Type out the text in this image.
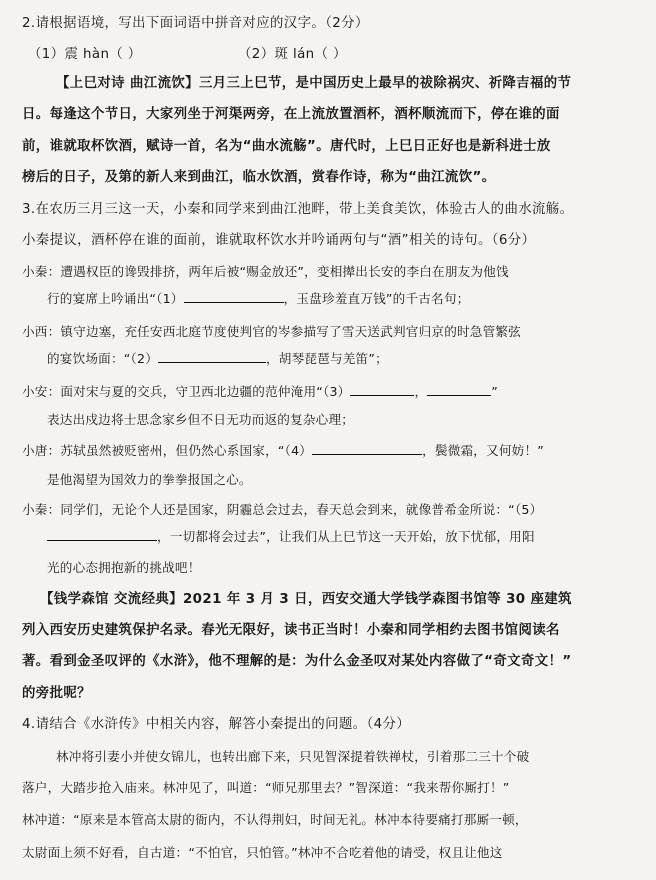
2.请根据语境，写出下面词语中拼音对应的汉字。（2分）
（1）震 hàn（ ）	（2）斑 lán（ ）
【上巳对诗 曲江流饮】三月三上巳节，是中国历史上最早的祓除祸灾、祈降吉福的节
日。每逢这个节日，大家列坐于河渠两旁，在上流放置酒杯，酒杯顺流而下，停在谁的面
前，谁就取杯饮酒，赋诗一首，名为“曲水流觞”。唐代时，上巳日正好也是新科进士放
榜后的日子，及第的新人来到曲江，临水饮酒，赏春作诗，称为“曲江流饮”。
3.在农历三月三这一天，小秦和同学来到曲江池畔，带上美食美饮，体验古人的曲水流觞。
小秦提议，酒杯停在谁的面前，谁就取杯饮水并吟诵两句与“酒”相关的诗句。（6分）
小秦：遭遇权臣的谗毁排挤，两年后被“赐金放还”，变相撵出长安的李白在朋友为他饯
行的宴席上吟诵出“（1）	，玉盘珍羞直万钱”的千古名句；
小西：镇守边塞，充任安西北庭节度使判官的岑参描写了雪天送武判官归京的时急管繁弦
的宴饮场面：“（2）	，胡琴琵琶与羌笛”；
小安：面对宋与夏的交兵，守卫西北边疆的范仲淹用“（3）	，	”
表达出戍边将士思念家乡但不日无功而返的复杂心理；
小唐：苏轼虽然被贬密州，但仍然心系国家，“（4）	，鬓微霜，又何妨！”
是他渴望为国效力的拳拳报国之心。
小秦：同学们，无论个人还是国家，阴霾总会过去，春天总会到来，就像普希金所说：“（5）
，一切都将会过去”，让我们从上巳节这一天开始，放下忧郁，用阳
光的心态拥抱新的挑战吧！
【钱学森馆 交流经典】2021 年 3 月 3 日，西安交通大学钱学森图书馆等 30 座建筑
列入西安历史建筑保护名录。春光无限好，读书正当时！小秦和同学相约去图书馆阅读名
著。看到金圣叹评的《水浒》，他不理解的是：为什么金圣叹对某处内容做了“奇文奇文！”
的旁批呢？
4.请结合《水浒传》中相关内容，解答小秦提出的问题。（4分）
林冲将引妻小并使女锦儿，也转出廊下来，只见智深提着铁禅杖，引着那二三十个破
落户，大踏步抢入庙来。林冲见了，叫道：“师兄那里去？”智深道：“我来帮你厮打！”
林冲道：“原来是本管高太尉的衙内，不认得荆妇，时间无礼。林冲本待要痛打那厮一顿，
太尉面上须不好看，自古道：“不怕官，只怕管。”林冲不合吃着他的请受，权且让他这
